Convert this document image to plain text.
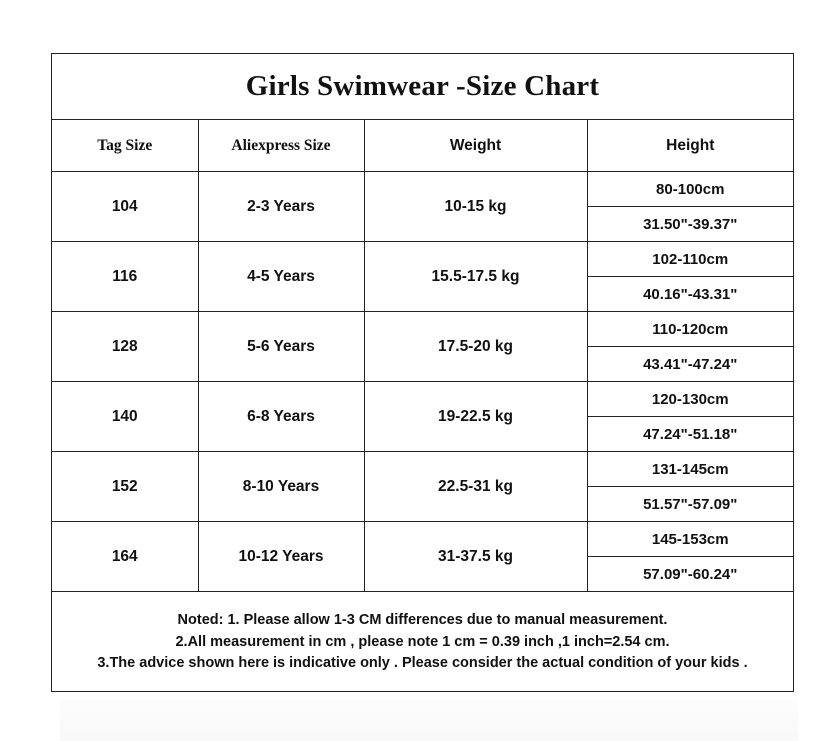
Girls Swimwear -Size Chart
Tag Size	Aliexpress Size	Weight	Height
104	2-3 Years	10-15 kg	80-100cm
			31.50"-39.37"
116	4-5 Years	15.5-17.5 kg	102-110cm
			40.16"-43.31"
128	5-6 Years	17.5-20 kg	110-120cm
			43.41"-47.24"
140	6-8 Years	19-22.5 kg	120-130cm
			47.24"-51.18"
152	8-10 Years	22.5-31 kg	131-145cm
			51.57"-57.09"
164	10-12 Years	31-37.5 kg	145-153cm
			57.09"-60.24"
Noted: 1. Please allow 1-3 CM differences due to manual measurement.
2.All measurement in cm , please note 1 cm = 0.39 inch ,1 inch=2.54 cm.
3.The advice shown here is indicative only . Please consider the actual condition of your kids .
